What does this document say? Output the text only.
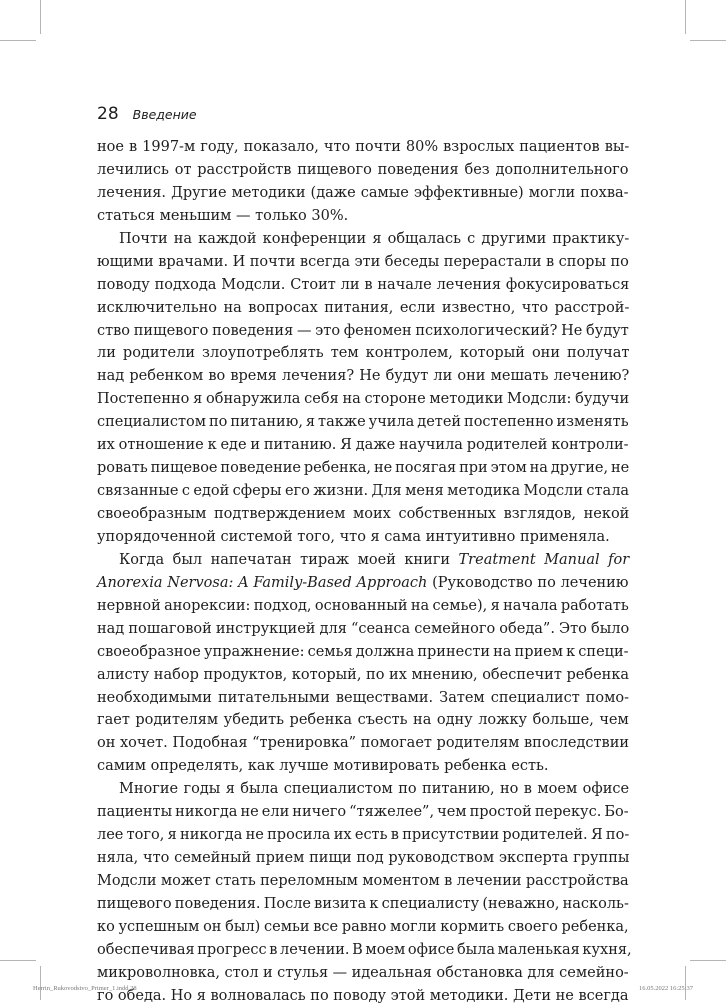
28 Введение
ное в 1997-м году, показало, что почти 80% взрослых пациентов вы-
лечились от расстройств пищевого поведения без дополнительного
лечения. Другие методики (даже самые эффективные) могли похва-
статься меньшим — только 30%.
Почти на каждой конференции я общалась с другими практику-
ющими врачами. И почти всегда эти беседы перерастали в споры по
поводу подхода Модсли. Стоит ли в начале лечения фокусироваться
исключительно на вопросах питания, если известно, что расстрой-
ство пищевого поведения — это феномен психологический? Не будут
ли родители злоупотреблять тем контролем, который они получат
над ребенком во время лечения? Не будут ли они мешать лечению?
Постепенно я обнаружила себя на стороне методики Модсли: будучи
специалистом по питанию, я также учила детей постепенно изменять
их отношение к еде и питанию. Я даже научила родителей контроли-
ровать пищевое поведение ребенка, не посягая при этом на другие, не
связанные с едой сферы его жизни. Для меня методика Модсли стала
своеобразным подтверждением моих собственных взглядов, некой
упорядоченной системой того, что я сама интуитивно применяла.
Когда был напечатан тираж моей книги Treatment Manual for
Anorexia Nervosa: A Family-Based Approach (Руководство по лечению
нервной анорексии: подход, основанный на семье), я начала работать
над пошаговой инструкцией для “сеанса семейного обеда”. Это было
своеобразное упражнение: семья должна принести на прием к специ-
алисту набор продуктов, который, по их мнению, обеспечит ребенка
необходимыми питательными веществами. Затем специалист помо-
гает родителям убедить ребенка съесть на одну ложку больше, чем
он хочет. Подобная “тренировка” помогает родителям впоследствии
самим определять, как лучше мотивировать ребенка есть.
Многие годы я была специалистом по питанию, но в моем офисе
пациенты никогда не ели ничего “тяжелее”, чем простой перекус. Бо-
лее того, я никогда не просила их есть в присутствии родителей. Я по-
няла, что семейный прием пищи под руководством эксперта группы
Модсли может стать переломным моментом в лечении расстройства
пищевого поведения. После визита к специалисту (неважно, насколь-
ко успешным он был) семьи все равно могли кормить своего ребенка,
обеспечивая прогресс в лечении. В моем офисе была маленькая кухня,
микроволновка, стол и стулья — идеальная обстановка для семейно-
го обеда. Но я волновалась по поводу этой методики. Дети не всегда
Herrin_Rukovodstvo_Primer_1.indd 28	16.05.2022 16:25:37
